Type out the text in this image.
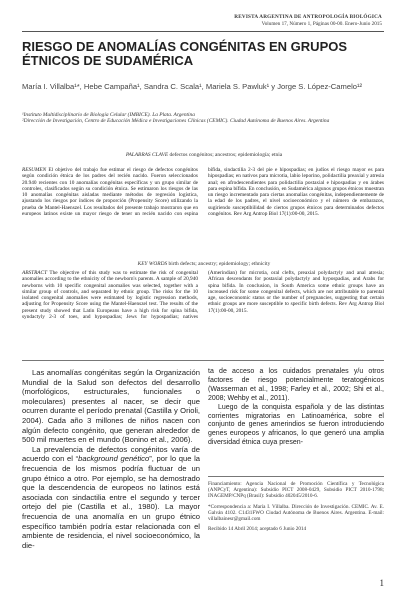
REVISTA ARGENTINA DE ANTROPOLOGÍA BIOLÓGICA
Volumen 17, Número 1, Páginas 00-00. Enero-Junio 2015
RIESGO DE ANOMALÍAS CONGÉNITAS EN GRUPOS ÉTNICOS DE SUDAMÉRICA
María I. Villalba¹*, Hebe Campaña¹, Sandra C. Scala¹, Mariela S. Pawluk¹ y Jorge S. López-Camelo¹²
¹Instituto Multidisciplinario de Biología Celular (IMBICE). La Plata. Argentina
²Dirección de Investigación, Centro de Educación Médica e Investigaciones Clínicas (CEMIC). Ciudad Autónoma de Buenos Aires. Argentina
PALABRAS CLAVE defectos congénitos; ancestros; epidemiología; etnia
RESUMEN El objetivo del trabajo fue estimar el riesgo de defectos congénitos según condición étnica de los padres del recién nacido. Fueron seleccionados 20.940 recientes con 10 anomalías congénitas específicas y un grupo similar de controles, clasificados según su condición étnica. Se estimaron los riesgos de las 10 anomalías congénitas aisladas mediante métodos de regresión logística, ajustando los riesgos por índices de proporción (Propensity Score) utilizando la prueba de Mantel-Haenszel. Los resultados del presente trabajo mostraron que en europeos latinos existe un mayor riesgo de tener un recién nacido con espina bífida, sindactilia 2-3 del pie e hipospadias; en judíos el riesgo mayor es para hipospadias; en nativos para microtia, labio leporino, polidactilia preaxial y atresia anal; en afrodescendientes para polidactilia postaxial e hipospadias y en árabes para espina bífida. En conclusión, en Sudamérica algunos grupos étnicos muestran un riesgo incrementado para ciertas anomalías congénitas, independientemente de la edad de los padres, el nivel socioeconómico y el número de embarazos, sugiriendo susceptibilidad de ciertos grupos étnicos para determinados defectos congénitos. Rev Arg Antrop Biol 17(1):00-00, 2015.
KEY WORDS birth defects; ancestry; epidemiology; ethnicity
ABSTRACT The objective of this study was to estimate the risk of congenital anomalies according to the ethnicity of the newborn's parents. A sample of 20,940 newborns with 10 specific congenital anomalies was selected, together with a similar group of controls, and separated by ethnic group. The risks for the 10 isolated congenital anomalies were estimated by logistic regression methods, adjusting for Propensity Score using the Mantel-Haenszel test. The results of the present study showed that Latin Europeans have a high risk for spina bifida, syndactyly 2-3 of toes, and hypospadias; Jews for hypospadias; natives (Amerindian) for microtia, oral clefts, preaxial polydactyly and anal atresia; African descendants for postaxial polydactyly and hypospadias, and Arabs for spina bifida. In conclusion, in South America some ethnic groups have an increased risk for some congenital defects, which are not attributable to parental age, socioeconomic status or the number of pregnancies, suggesting that certain ethnic groups are more susceptible to specific birth defects. Rev Arg Antrop Biol 17(1):00-00, 2015.

Las anomalías congénitas según la Organización Mundial de la Salud son defectos del desarrollo (morfológicos, estructurales, funcionales o moleculares) presentes al nacer, se decir que ocurren durante el período prenatal (Castilla y Orioli, 2004). Cada año 3 millones de niños nacen con algún defecto congénito, que generan alrededor de 500 mil muertes en el mundo (Bonino et al., 2006).

La prevalencia de defectos congénitos varía de acuerdo con el “background genético”, por lo que la frecuencia de los mismos podría fluctuar de un grupo étnico a otro. Por ejemplo, se ha demostrado que la descendencia de europeos no latinos está asociada con sindactilia entre el segundo y tercer ortejo del pie (Castilla et al., 1980). La mayor frecuencia de una anomalía en un grupo étnico específico también podría estar relacionada con el ambiente de residencia, el nivel socioeconómico, la die-

ta de acceso a los cuidados prenatales y/u otros factores de riesgo potencialmente teratogénicos (Wasserman et al., 1998; Farley et al., 2002; Shi et al., 2008; Wehby et al., 2011).

Luego de la conquista española y de las distintas corrientes migratorias en Latinoamérica, sobre el conjunto de genes amerindios se fueron introduciendo genes europeos y africanos, lo que generó una amplia diversidad étnica cuya presen-

Financiamiento: Agencia Nacional de Promoción Científica y Tecnológica (ANPCyT, Argentina): Subsidio PICT 2008-0429, Subsidio PICT 2010-1798; INAGEMP/CNPq (Brasil): Subsidio 402045/2010-6.

*Correspondencia a: María I. Villalba. Dirección de Investigación. CEMIC. Av. E. Galván 4102. C1431FWO Ciudad Autónoma de Buenos Aires. Argentina. E-mail: villalbainesr@gmail.com

Recibido 14 Abril 2014; aceptado 6 Junio 2014

1
